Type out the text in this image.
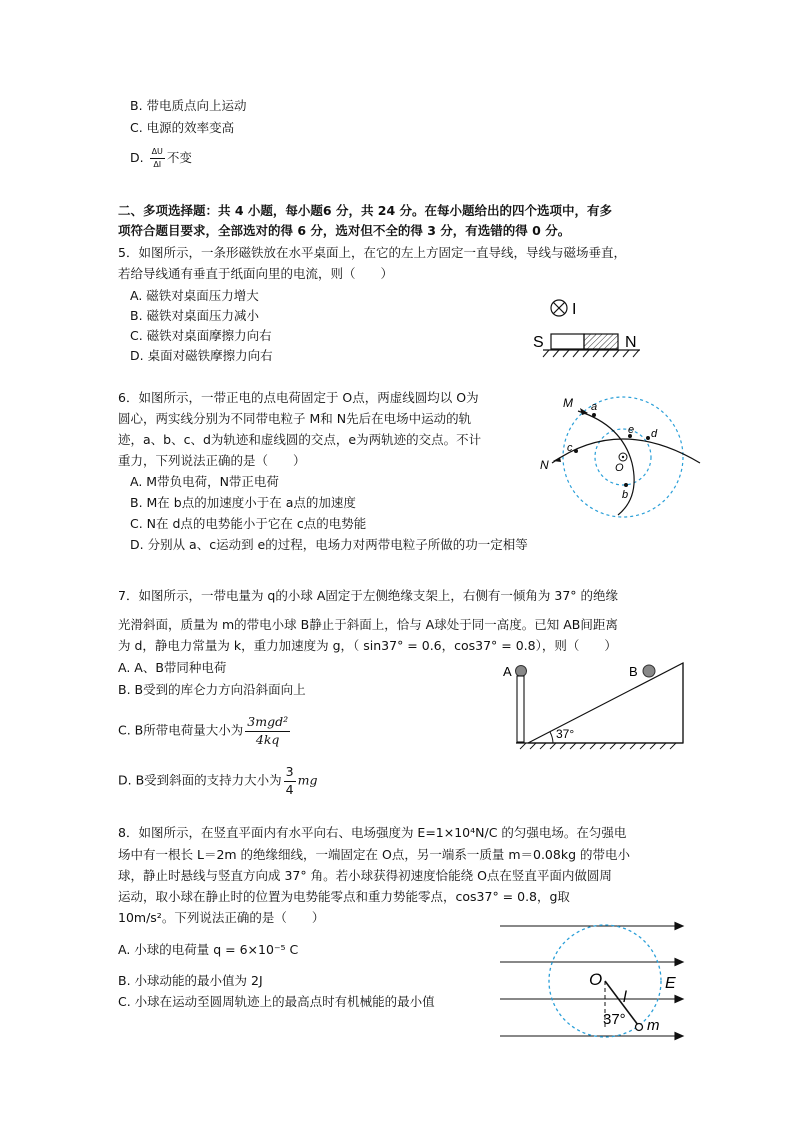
B. 带电质点向上运动
C. 电源的效率变高
D. $\frac{\Delta U}{\Delta I}$ 不变
二、多项选择题：共 4 小题，每小题6 分，共 24 分。在每小题给出的四个选项中，有多
项符合题目要求，全部选对的得 6 分，选对但不全的得 3 分，有选错的得 0 分。
5．如图所示，一条形磁铁放在水平桌面上，在它的左上方固定一直导线，导线与磁场垂直，
若给导线通有垂直于纸面向里的电流，则（　　）
A. 磁铁对桌面压力增大
B. 磁铁对桌面压力减小
C. 磁铁对桌面摩擦力向右
D. 桌面对磁铁摩擦力向右
I
S	N
6．如图所示，一带正电的点电荷固定于 O点，两虚线圆均以 O为
圆心，两实线分别为不同带电粒子 M和 N先后在电场中运动的轨
迹，a、b、c、d为轨迹和虚线圆的交点，e为两轨迹的交点。不计
重力，下列说法正确的是（　　）
A. M带负电荷，N带正电荷
B. M在 b点的加速度小于在 a点的加速度
C. N在 d点的电势能小于它在 c点的电势能
D. 分别从 a、c运动到 e的过程，电场力对两带电粒子所做的功一定相等
M
N
a
c
e d
O
b
7．如图所示，一带电量为 q的小球 A固定于左侧绝缘支架上，右侧有一倾角为 37° 的绝缘
光滑斜面，质量为 m的带电小球 B静止于斜面上，恰与 A球处于同一高度。已知 AB间距离
为 d，静电力常量为 k，重力加速度为 g，（ sin37° = 0.6，cos37° = 0.8），则（　　）
A. A、B带同种电荷
B. B受到的库仑力方向沿斜面向上
C. B所带电荷量大小为 $\frac{\text{3mgd²}}{4kq}$
D. B受到斜面的支持力大小为 $\frac{3}{4}$ mg
A	B
37°
8．如图所示，在竖直平面内有水平向右、电场强度为 E=1×10⁴N/C 的匀强电场。在匀强电
场中有一根长 L＝2m 的绝缘细线，一端固定在 O点，另一端系一质量 m＝0.08kg 的带电小
球，静止时悬线与竖直方向成 37° 角。若小球获得初速度恰能绕 O点在竖直平面内做圆周
运动，取小球在静止时的位置为电势能零点和重力势能零点，cos37° = 0.8，g取
10m/s²。下列说法正确的是（　　）
A. 小球的电荷量 q = 6×10⁻⁵ C
B. 小球动能的最小值为 2J
C. 小球在运动至圆周轨迹上的最高点时有机械能的最小值
O
l
E
37° m
